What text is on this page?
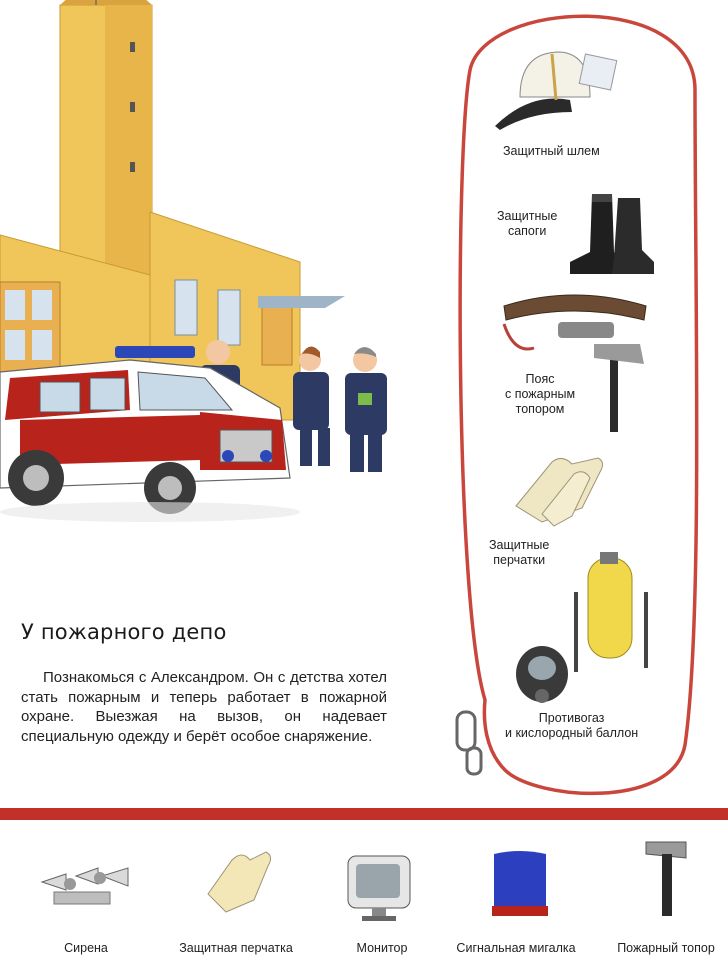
Защитный шлем
Защитные
сапоги
Пояс
с пожарным
топором
Защитные
перчатки
Противогаз
и кислородный баллон
У пожарного депо

Познакомься с Александром. Он с детства хотел стать пожарным и теперь работает в пожарной охране. Выезжая на вызов, он надевает специальную одежду и берёт особое снаряжение.

Сирена	Защитная перчатка	Монитор	Сигнальная мигалка	Пожарный топор
